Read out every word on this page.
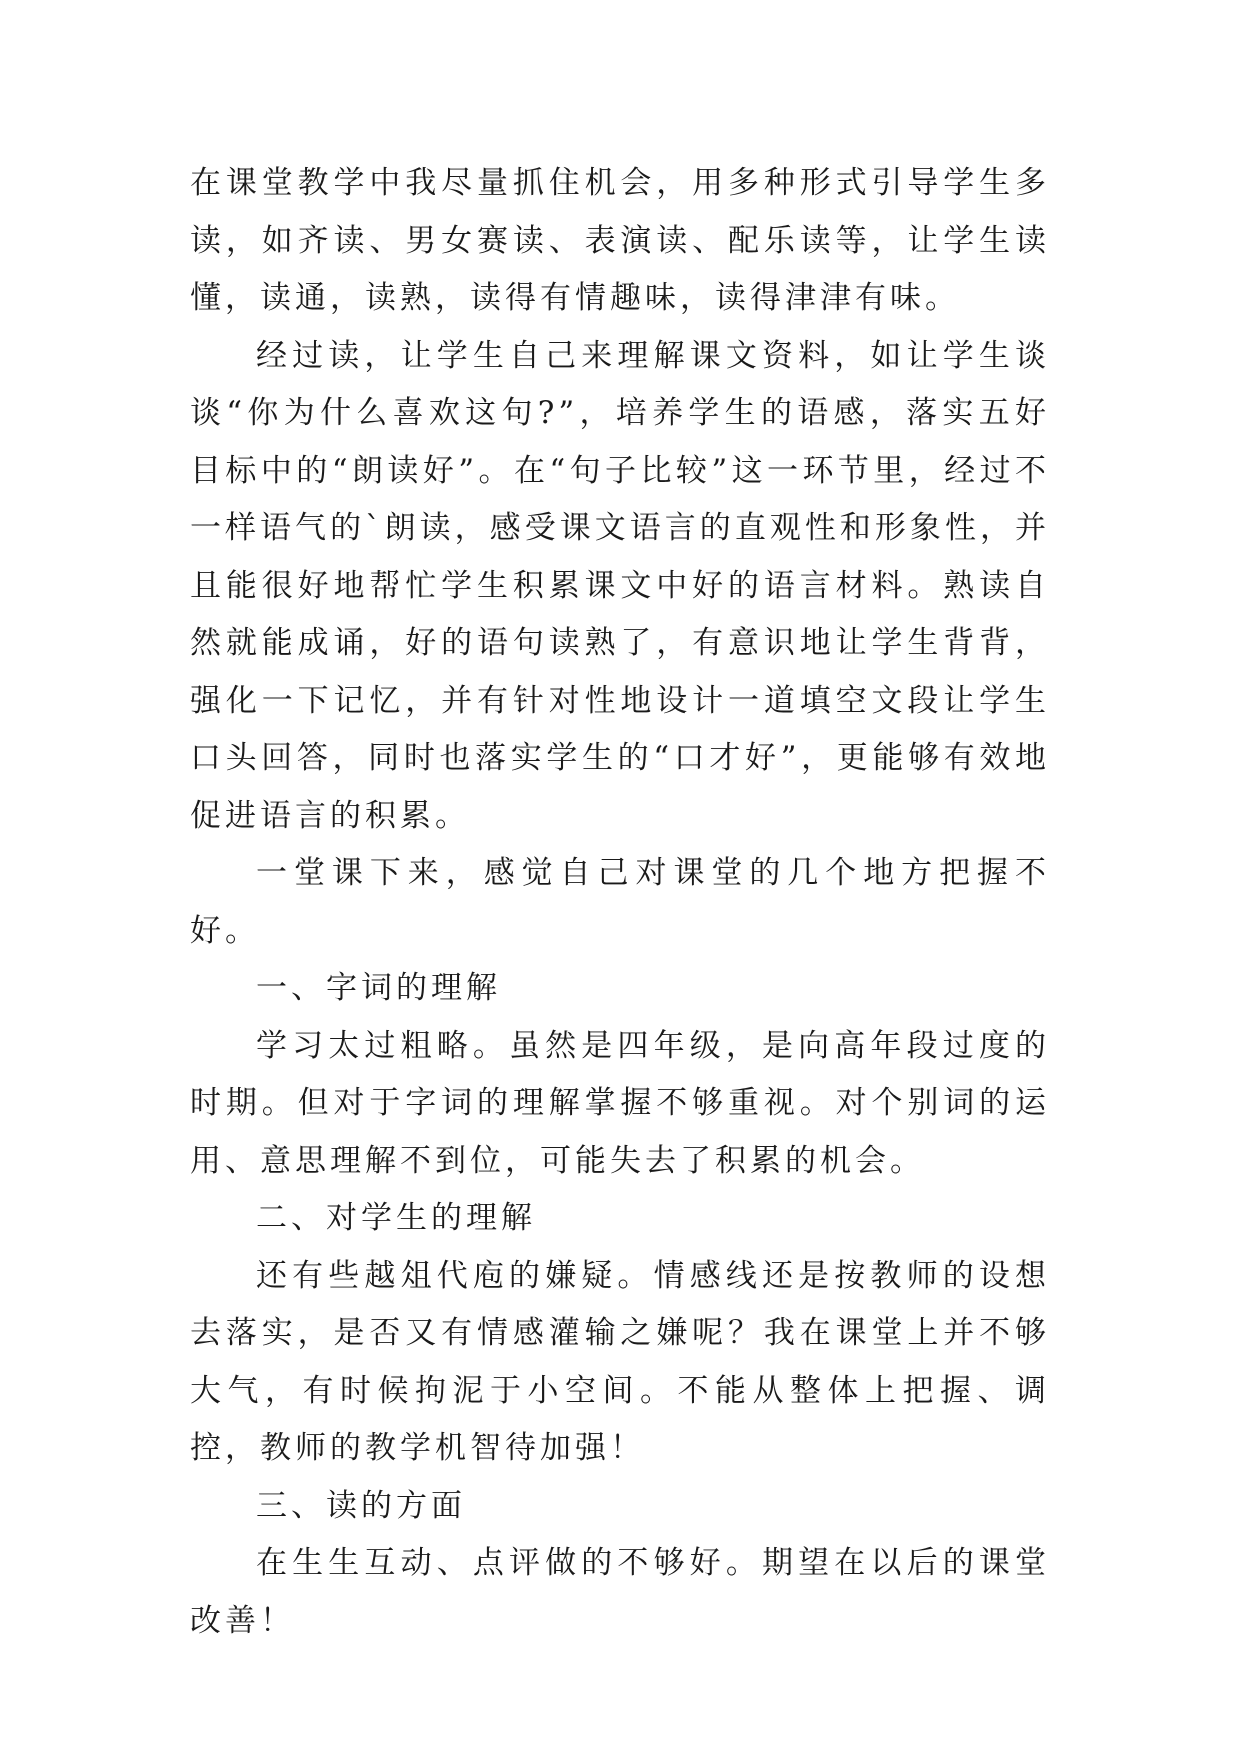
在课堂教学中我尽量抓住机会，用多种形式引导学生多读，如齐读、男女赛读、表演读、配乐读等，让学生读懂，读通，读熟，读得有情趣味，读得津津有味。

经过读，让学生自己来理解课文资料，如让学生谈谈“你为什么喜欢这句?”，培养学生的语感，落实五好目标中的“朗读好”。在“句子比较”这一环节里，经过不一样语气的`朗读，感受课文语言的直观性和形象性，并且能很好地帮忙学生积累课文中好的语言材料。熟读自然就能成诵，好的语句读熟了，有意识地让学生背背，强化一下记忆，并有针对性地设计一道填空文段让学生口头回答，同时也落实学生的“口才好”，更能够有效地促进语言的积累。

一堂课下来，感觉自己对课堂的几个地方把握不好。

一、字词的理解

学习太过粗略。虽然是四年级，是向高年段过度的时期。但对于字词的理解掌握不够重视。对个别词的运用、意思理解不到位，可能失去了积累的机会。

二、对学生的理解

还有些越俎代庖的嫌疑。情感线还是按教师的设想去落实，是否又有情感灌输之嫌呢？我在课堂上并不够大气，有时候拘泥于小空间。不能从整体上把握、调控，教师的教学机智待加强！

三、读的方面

在生生互动、点评做的不够好。期望在以后的课堂改善！
